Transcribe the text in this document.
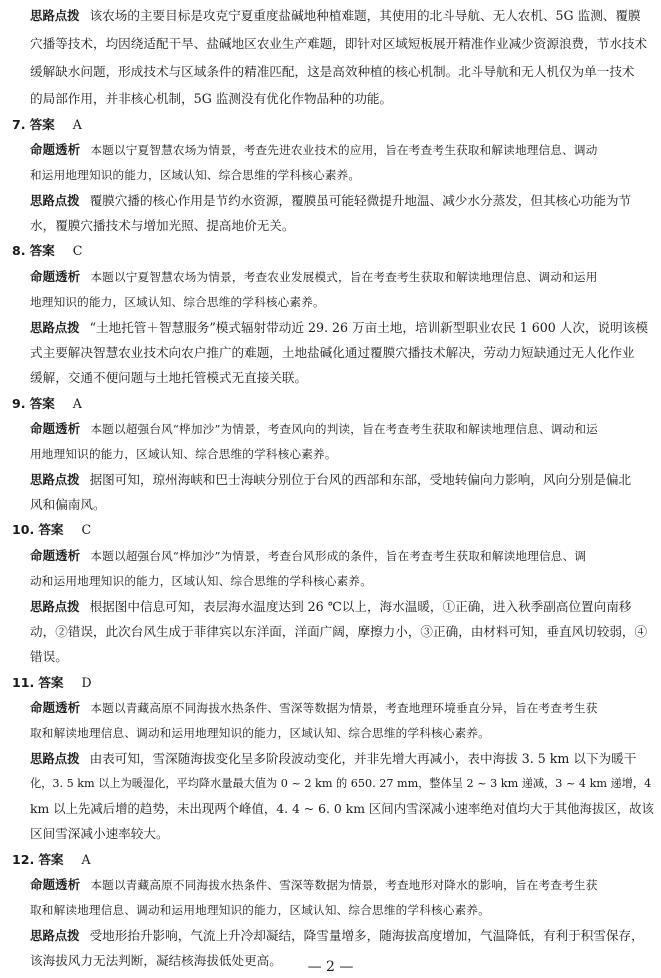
思路点拨 该农场的主要目标是攻克宁夏重度盐碱地种植难题，其使用的北斗导航、无人农机、5G 监测、覆膜
穴播等技术，均因绕适配干旱、盐碱地区农业生产难题，即针对区域短板展开精准作业减少资源浪费，节水技术
缓解缺水问题，形成技术与区域条件的精准匹配，这是高效种植的核心机制。北斗导航和无人机仅为单一技术
的局部作用，并非核心机制，5G 监测没有优化作物品种的功能。
7. 答案 A
命题透析 本题以宁夏智慧农场为情景，考查先进农业技术的应用，旨在考查考生获取和解读地理信息、调动
和运用地理知识的能力，区域认知、综合思维的学科核心素养。
思路点拨 覆膜穴播的核心作用是节约水资源，覆膜虽可能轻微提升地温、减少水分蒸发，但其核心功能为节
水，覆膜穴播技术与增加光照、提高地价无关。
8. 答案 C
命题透析 本题以宁夏智慧农场为情景，考查农业发展模式，旨在考查考生获取和解读地理信息、调动和运用
地理知识的能力，区域认知、综合思维的学科核心素养。
思路点拨 “土地托管＋智慧服务”模式辐射带动近 29. 26 万亩土地，培训新型职业农民 1 600 人次，说明该模
式主要解决智慧农业技术向农户推广的难题，土地盐碱化通过覆膜穴播技术解决，劳动力短缺通过无人化作业
缓解，交通不便问题与土地托管模式无直接关联。
9. 答案 A
命题透析 本题以超强台风“桦加沙”为情景，考查风向的判读，旨在考查考生获取和解读地理信息、调动和运
用地理知识的能力，区域认知、综合思维的学科核心素养。
思路点拨 据图可知，琼州海峡和巴士海峡分别位于台风的西部和东部，受地转偏向力影响，风向分别是偏北
风和偏南风。
10. 答案 C
命题透析 本题以超强台风“桦加沙”为情景，考查台风形成的条件，旨在考查考生获取和解读地理信息、调
动和运用地理知识的能力，区域认知、综合思维的学科核心素养。
思路点拨 根据图中信息可知，表层海水温度达到 26 ℃以上，海水温暖，①正确，进入秋季副高位置向南移
动，②错误，此次台风生成于菲律宾以东洋面，洋面广阔，摩擦力小，③正确，由材料可知，垂直风切较弱，④
错误。
11. 答案 D
命题透析 本题以青藏高原不同海拔水热条件、雪深等数据为情景，考查地理环境垂直分异，旨在考查考生获
取和解读地理信息、调动和运用地理知识的能力，区域认知、综合思维的学科核心素养。
思路点拨 由表可知，雪深随海拔变化呈多阶段波动变化，并非先增大再减小，表中海拔 3. 5 km 以下为暖干
化，3. 5 km 以上为暖湿化，平均降水量最大值为 0 ~ 2 km 的 650. 27 mm，整体呈 2 ~ 3 km 递减，3 ~ 4 km 递增，4
km 以上先减后增的趋势，未出现两个峰值，4. 4 ~ 6. 0 km 区间内雪深减小速率绝对值均大于其他海拔区，故该
区间雪深减小速率较大。
12. 答案 A
命题透析 本题以青藏高原不同海拔水热条件、雪深等数据为情景，考查地形对降水的影响，旨在考查考生获
取和解读地理信息、调动和运用地理知识的能力，区域认知、综合思维的学科核心素养。
思路点拨 受地形抬升影响，气流上升冷却凝结，降雪量增多，随海拔高度增加，气温降低，有利于积雪保存，
该海拔风力无法判断，凝结核海拔低处更高。	— 2 —
